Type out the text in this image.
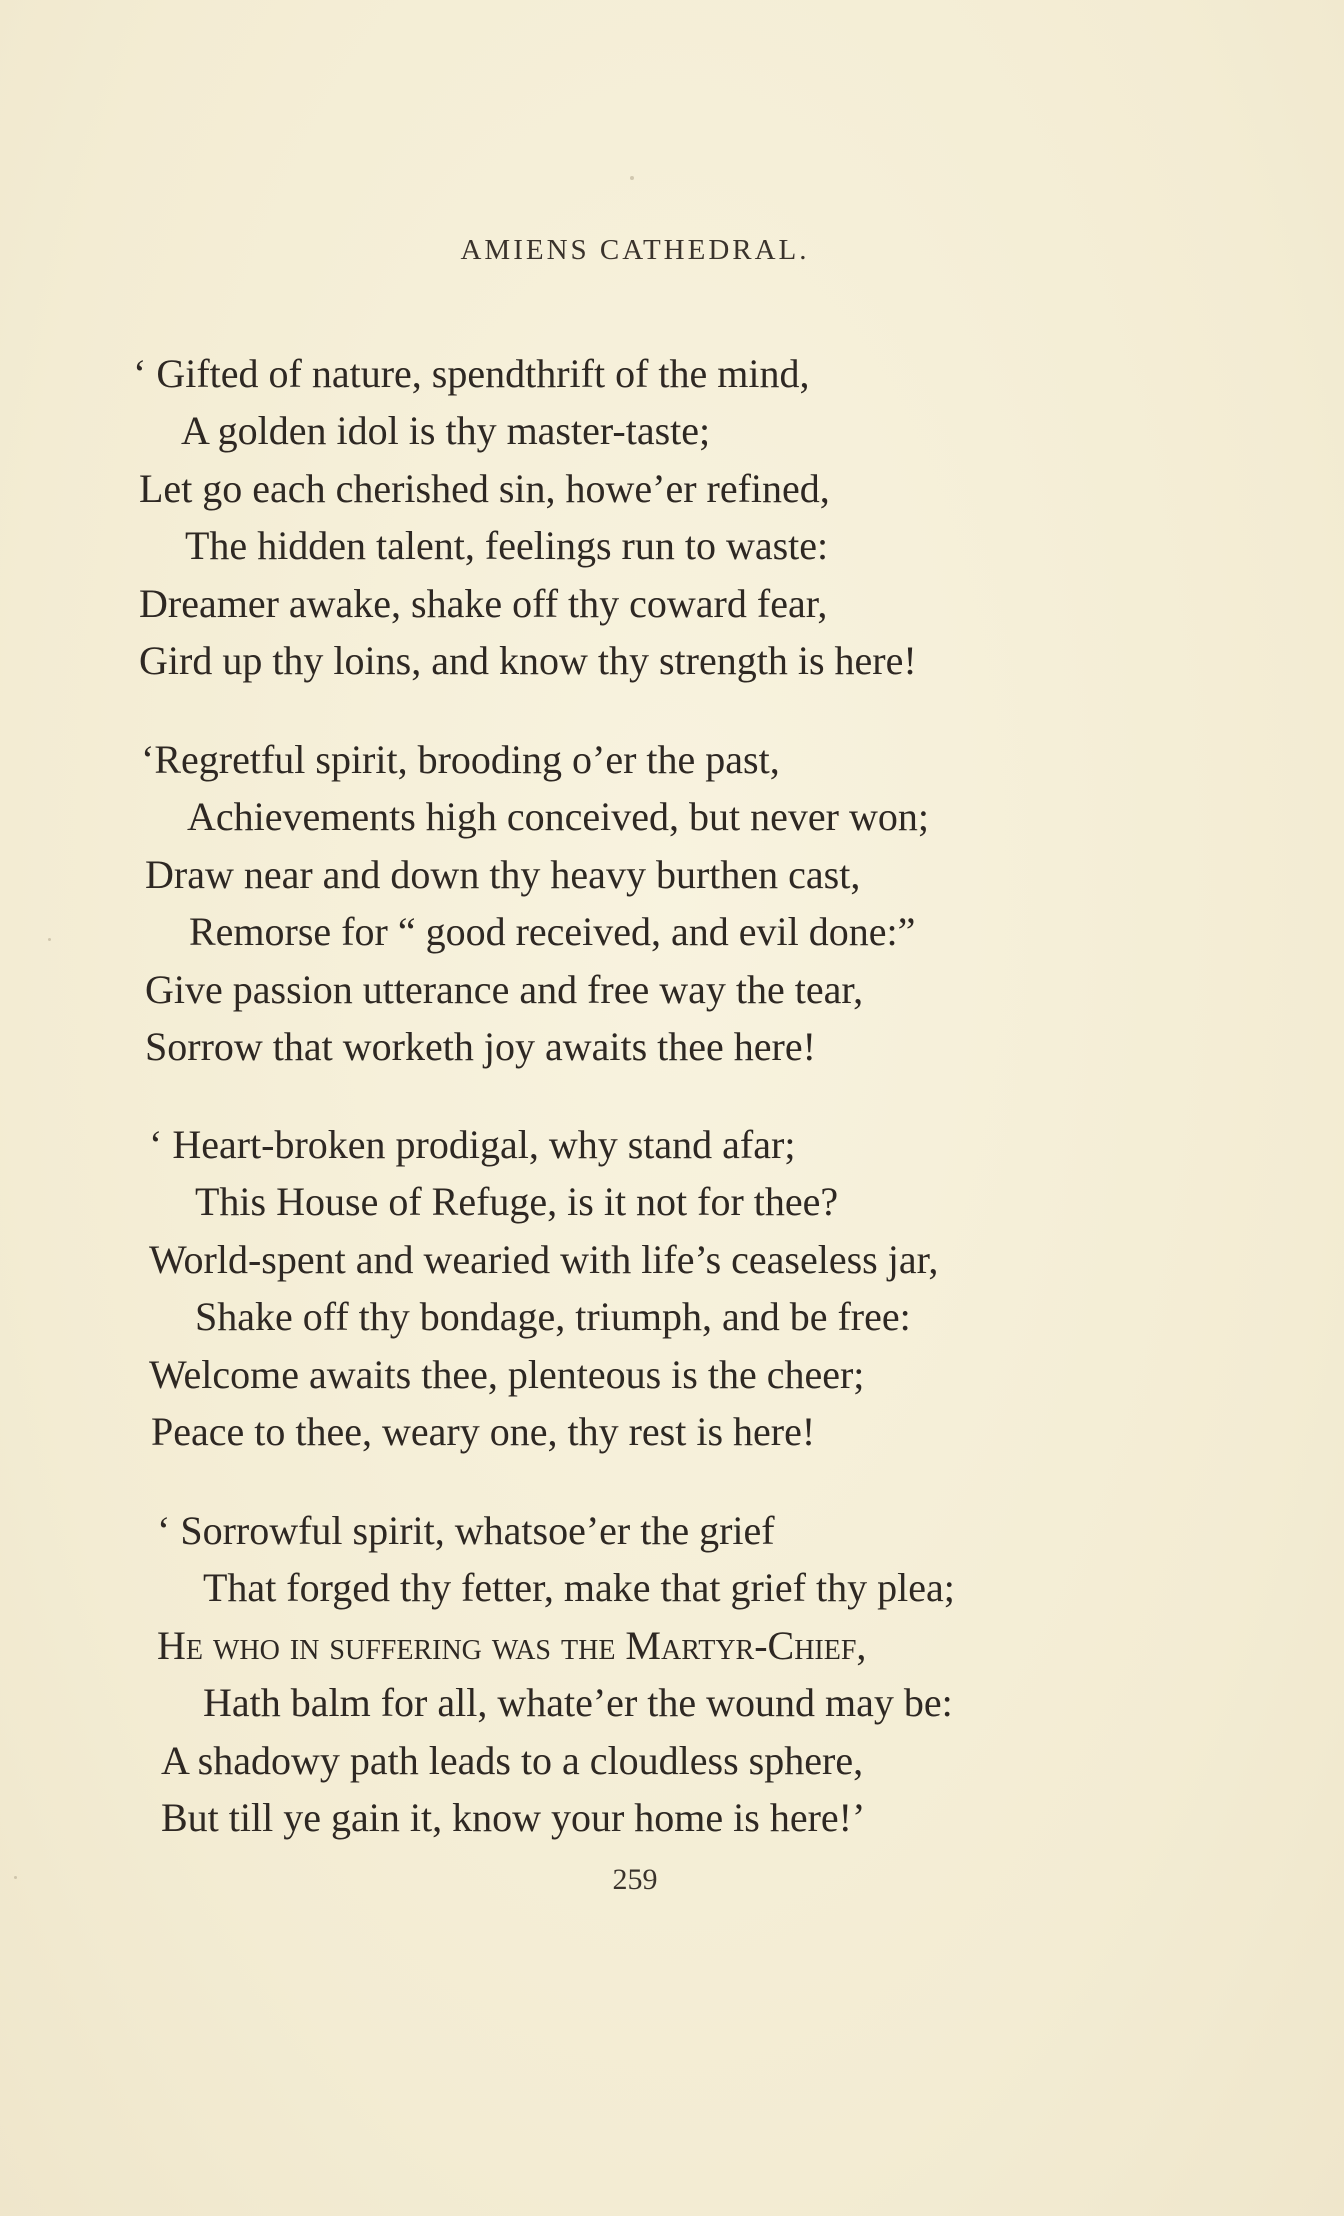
AMIENS CATHEDRAL.
‘ Gifted of nature, spendthrift of the mind,
A golden idol is thy master-taste;
Let go each cherished sin, howe’er refined,
The hidden talent, feelings run to waste:
Dreamer awake, shake off thy coward fear,
Gird up thy loins, and know thy strength is here!
‘Regretful spirit, brooding o’er the past,
Achievements high conceived, but never won;
Draw near and down thy heavy burthen cast,
Remorse for “ good received, and evil done:”
Give passion utterance and free way the tear,
Sorrow that worketh joy awaits thee here!
‘ Heart-broken prodigal, why stand afar;
This House of Refuge, is it not for thee?
World-spent and wearied with life’s ceaseless jar,
Shake off thy bondage, triumph, and be free:
Welcome awaits thee, plenteous is the cheer;
Peace to thee, weary one, thy rest is here!
‘ Sorrowful spirit, whatsoe’er the grief
That forged thy fetter, make that grief thy plea;
He who in suffering was the Martyr-Chief,
Hath balm for all, whate’er the wound may be:
A shadowy path leads to a cloudless sphere,
But till ye gain it, know your home is here!’
259
